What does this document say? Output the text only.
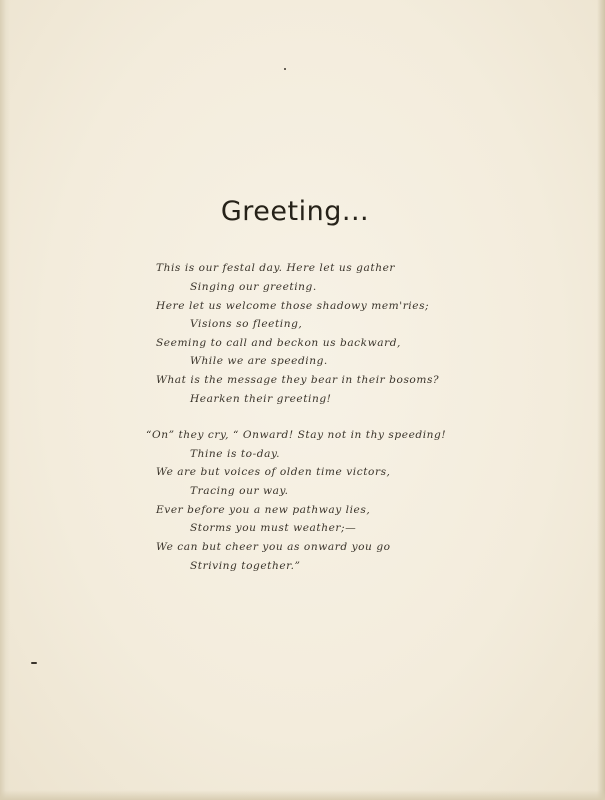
Greeting...
This is our festal day. Here let us gather
Singing our greeting.
Here let us welcome those shadowy mem'ries;
Visions so fleeting,
Seeming to call and beckon us backward,
While we are speeding.
What is the message they bear in their bosoms?
Hearken their greeting!
“On” they cry, “ Onward! Stay not in thy speeding!
Thine is to-day.
We are but voices of olden time victors,
Tracing our way.
Ever before you a new pathway lies,
Storms you must weather;—
We can but cheer you as onward you go
Striving together.”
